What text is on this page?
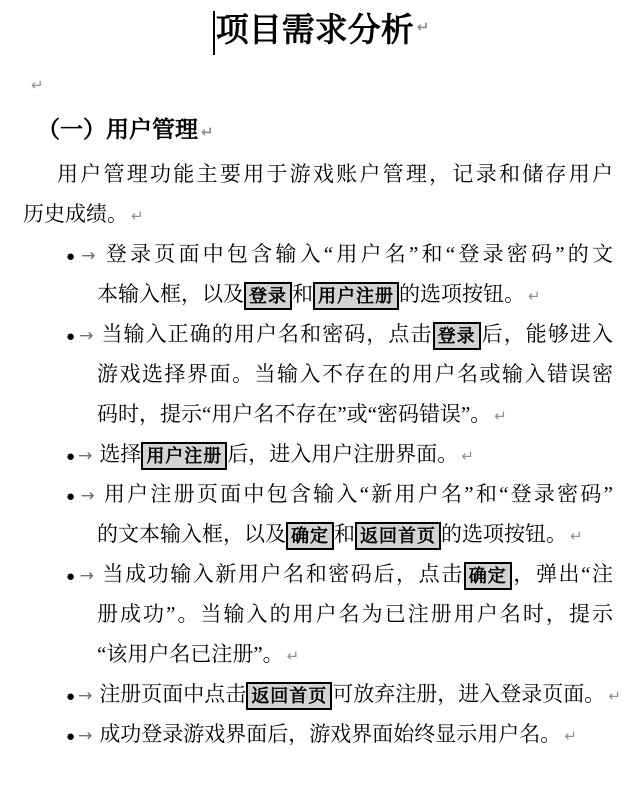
项目需求分析 ↵
↵
（一）用户管理 ↵
用户管理功能主要用于游戏账户管理，记录和储存用户
历史成绩。 ↵
● → 登录页面中包含输入“用户名”和“登录密码”的文
本输入框，以及 登录 和 用户注册 的选项按钮。 ↵
● → 当输入正确的用户名和密码，点击 登录 后，能够进入
游戏选择界面。当输入不存在的用户名或输入错误密
码时，提示“用户名不存在”或“密码错误”。 ↵
● → 选择 用户注册 后，进入用户注册界面。 ↵
● → 用户注册页面中包含输入“新用户名”和“登录密码”
的文本输入框，以及 确定 和 返回首页 的选项按钮。 ↵
● → 当成功输入新用户名和密码后，点击 确定 ，弹出“注
册成功”。当输入的用户名为已注册用户名时，提示
“该用户名已注册”。 ↵
● → 注册页面中点击 返回首页 可放弃注册，进入登录页面。 ↵
● → 成功登录游戏界面后，游戏界面始终显示用户名。 ↵
